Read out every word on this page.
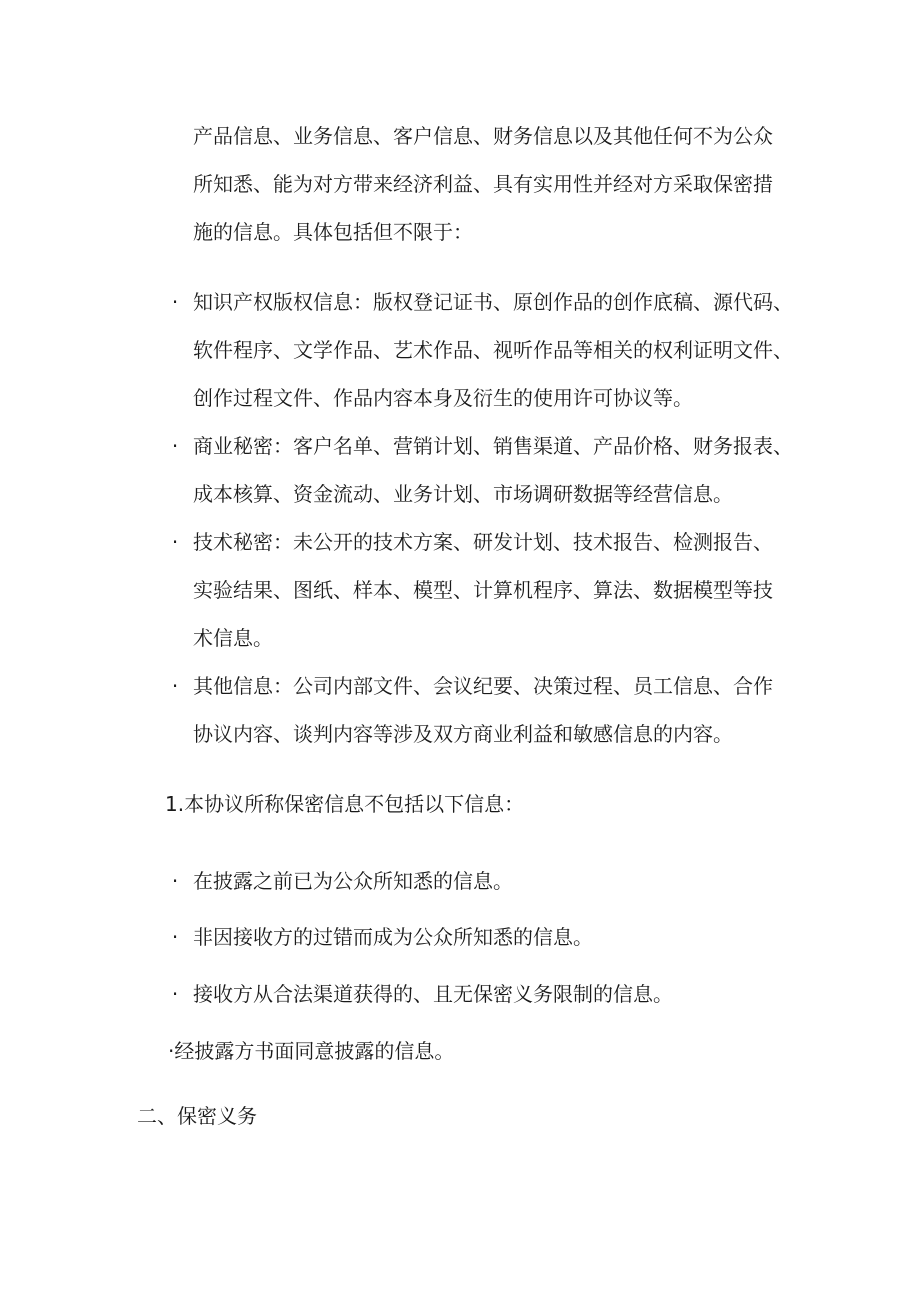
产品信息、业务信息、客户信息、财务信息以及其他任何不为公众
所知悉、能为对方带来经济利益、具有实用性并经对方采取保密措
施的信息。具体包括但不限于：
· 知识产权版权信息：版权登记证书、原创作品的创作底稿、源代码、
软件程序、文学作品、艺术作品、视听作品等相关的权利证明文件、
创作过程文件、作品内容本身及衍生的使用许可协议等。
· 商业秘密：客户名单、营销计划、销售渠道、产品价格、财务报表、
成本核算、资金流动、业务计划、市场调研数据等经营信息。
· 技术秘密：未公开的技术方案、研发计划、技术报告、检测报告、
实验结果、图纸、样本、模型、计算机程序、算法、数据模型等技
术信息。
· 其他信息：公司内部文件、会议纪要、决策过程、员工信息、合作
协议内容、谈判内容等涉及双方商业利益和敏感信息的内容。
1.本协议所称保密信息不包括以下信息：
· 在披露之前已为公众所知悉的信息。
· 非因接收方的过错而成为公众所知悉的信息。
· 接收方从合法渠道获得的、且无保密义务限制的信息。
·经披露方书面同意披露的信息。
二、保密义务
